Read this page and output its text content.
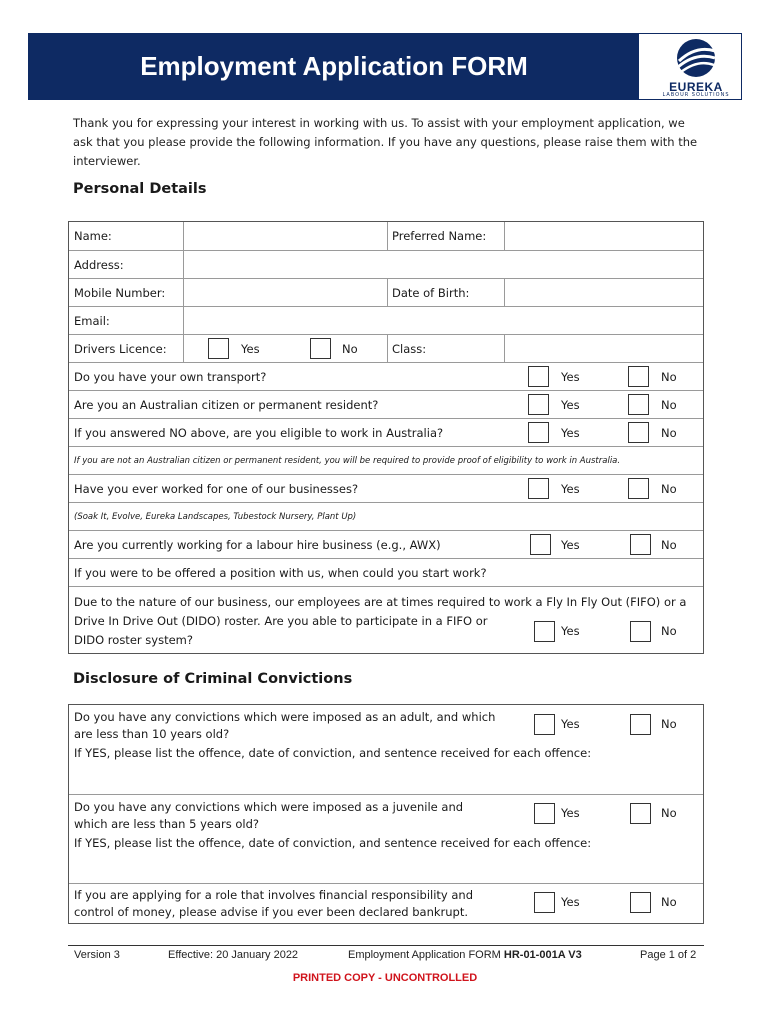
Employment Application FORM
EUREKA
LABOUR SOLUTIONS

Thank you for expressing your interest in working with us. To assist with your employment application, we ask that you please provide the following information. If you have any questions, please raise them with the interviewer.

Personal Details
Name:	Preferred Name:
Address:
Mobile Number:	Date of Birth:
Email:
Drivers Licence:	Yes	No	Class:
Do you have your own transport?	Yes	No
Are you an Australian citizen or permanent resident?	Yes	No
If you answered NO above, are you eligible to work in Australia?	Yes	No
If you are not an Australian citizen or permanent resident, you will be required to provide proof of eligibility to work in Australia.
Have you ever worked for one of our businesses?	Yes	No
(Soak It, Evolve, Eureka Landscapes, Tubestock Nursery, Plant Up)
Are you currently working for a labour hire business (e.g., AWX)	Yes	No
If you were to be offered a position with us, when could you start work?
Due to the nature of our business, our employees are at times required to work a Fly In Fly Out (FIFO) or a
Drive In Drive Out (DIDO) roster. Are you able to participate in a FIFO or
DIDO roster system?
Yes	No
Disclosure of Criminal Convictions
Do you have any convictions which were imposed as an adult, and which
are less than 10 years old?
Yes	No
If YES, please list the offence, date of conviction, and sentence received for each offence:
Do you have any convictions which were imposed as a juvenile and
which are less than 5 years old?
Yes	No
If YES, please list the offence, date of conviction, and sentence received for each offence:
If you are applying for a role that involves financial responsibility and
control of money, please advise if you ever been declared bankrupt.
Yes	No
Version 3	Effective: 20 January 2022	Employment Application FORM HR-01-001A V3	Page 1 of 2
PRINTED COPY - UNCONTROLLED
